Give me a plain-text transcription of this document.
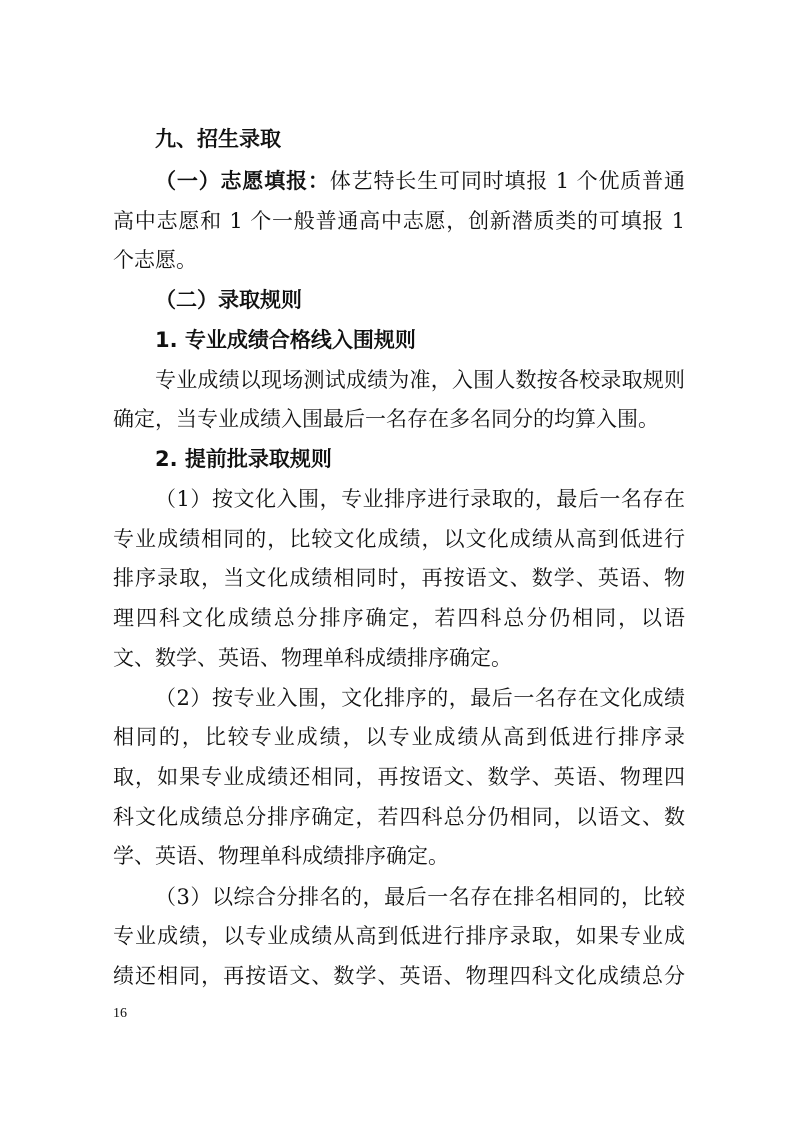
九、招生录取
（一）志愿填报：体艺特长生可同时填报 1 个优质普通
高中志愿和 1 个一般普通高中志愿，创新潜质类的可填报 1
个志愿。
（二）录取规则
1. 专业成绩合格线入围规则
专业成绩以现场测试成绩为准，入围人数按各校录取规则
确定，当专业成绩入围最后一名存在多名同分的均算入围。
2. 提前批录取规则
（1）按文化入围，专业排序进行录取的，最后一名存在
专业成绩相同的，比较文化成绩，以文化成绩从高到低进行
排序录取，当文化成绩相同时，再按语文、数学、英语、物
理四科文化成绩总分排序确定，若四科总分仍相同，以语
文、数学、英语、物理单科成绩排序确定。
（2）按专业入围，文化排序的，最后一名存在文化成绩
相同的，比较专业成绩，以专业成绩从高到低进行排序录
取，如果专业成绩还相同，再按语文、数学、英语、物理四
科文化成绩总分排序确定，若四科总分仍相同，以语文、数
学、英语、物理单科成绩排序确定。
（3）以综合分排名的，最后一名存在排名相同的，比较
专业成绩，以专业成绩从高到低进行排序录取，如果专业成
绩还相同，再按语文、数学、英语、物理四科文化成绩总分
16
